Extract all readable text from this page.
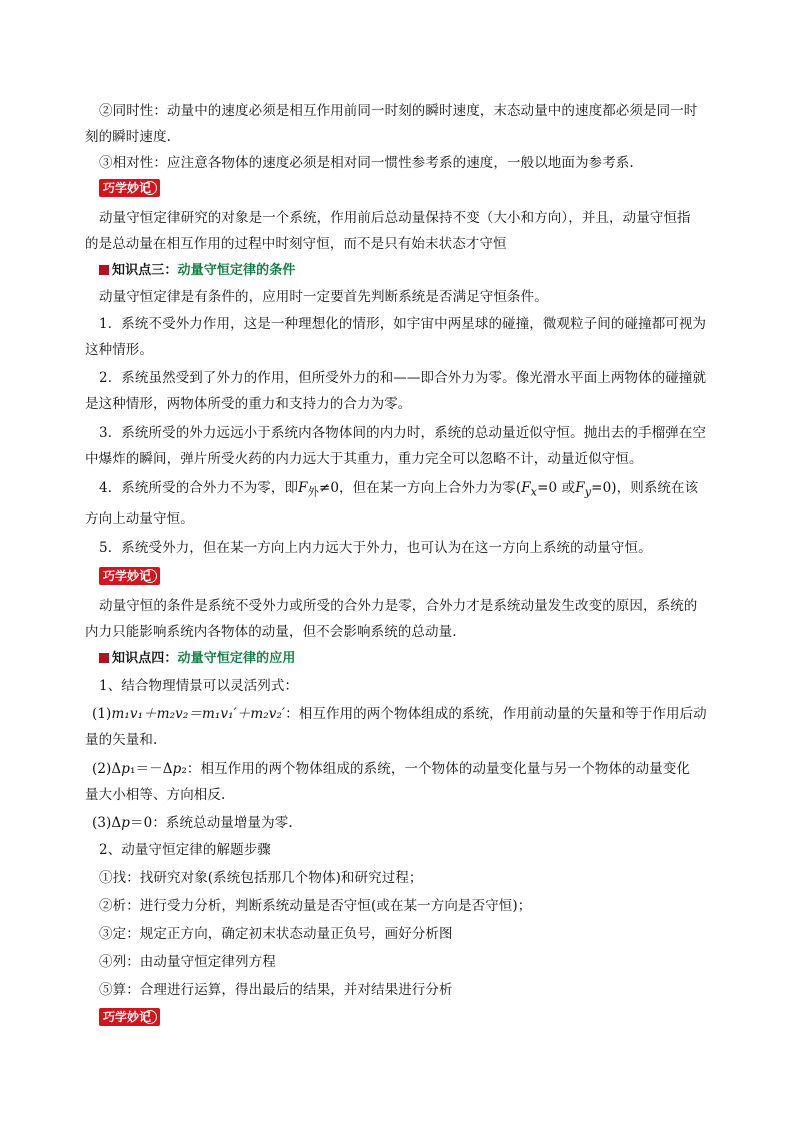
②同时性：动量中的速度必须是相互作用前同一时刻的瞬时速度，末态动量中的速度都必须是同一时
刻的瞬时速度.
③相对性：应注意各物体的速度必须是相对同一惯性参考系的速度，一般以地面为参考系.
巧学妙记
动量守恒定律研究的对象是一个系统，作用前后总动量保持不变（大小和方向），并且，动量守恒指
的是总动量在相互作用的过程中时刻守恒，而不是只有始末状态才守恒
知识点三：动量守恒定律的条件
动量守恒定律是有条件的，应用时一定要首先判断系统是否满足守恒条件。
1．系统不受外力作用，这是一种理想化的情形，如宇宙中两星球的碰撞，微观粒子间的碰撞都可视为
这种情形。
2．系统虽然受到了外力的作用，但所受外力的和——即合外力为零。像光滑水平面上两物体的碰撞就
是这种情形，两物体所受的重力和支持力的合力为零。
3．系统所受的外力远远小于系统内各物体间的内力时，系统的总动量近似守恒。抛出去的手榴弹在空
中爆炸的瞬间，弹片所受火药的内力远大于其重力，重力完全可以忽略不计，动量近似守恒。
4．系统所受的合外力不为零，即$F_外\ne 0$，但在某一方向上合外力为零($F_x=0$ 或$F_y=0$)，则系统在该
方向上动量守恒。
5．系统受外力，但在某一方向上内力远大于外力，也可认为在这一方向上系统的动量守恒。
巧学妙记
动量守恒的条件是系统不受外力或所受的合外力是零，合外力才是系统动量发生改变的原因，系统的
内力只能影响系统内各物体的动量，但不会影响系统的总动量.
知识点四：动量守恒定律的应用
1、结合物理情景可以灵活列式：
(1)m₁v₁＋m₂v₂＝m₁v₁′＋m₂v₂′：相互作用的两个物体组成的系统，作用前动量的矢量和等于作用后动
量的矢量和.
(2)Δp₁＝－Δp₂：相互作用的两个物体组成的系统，一个物体的动量变化量与另一个物体的动量变化
量大小相等、方向相反.
(3)Δp＝0：系统总动量增量为零.
2、动量守恒定律的解题步骤
①找：找研究对象(系统包括那几个物体)和研究过程；
②析：进行受力分析，判断系统动量是否守恒(或在某一方向是否守恒)；
③定：规定正方向，确定初末状态动量正负号，画好分析图
④列：由动量守恒定律列方程
⑤算：合理进行运算，得出最后的结果，并对结果进行分析
巧学妙记
